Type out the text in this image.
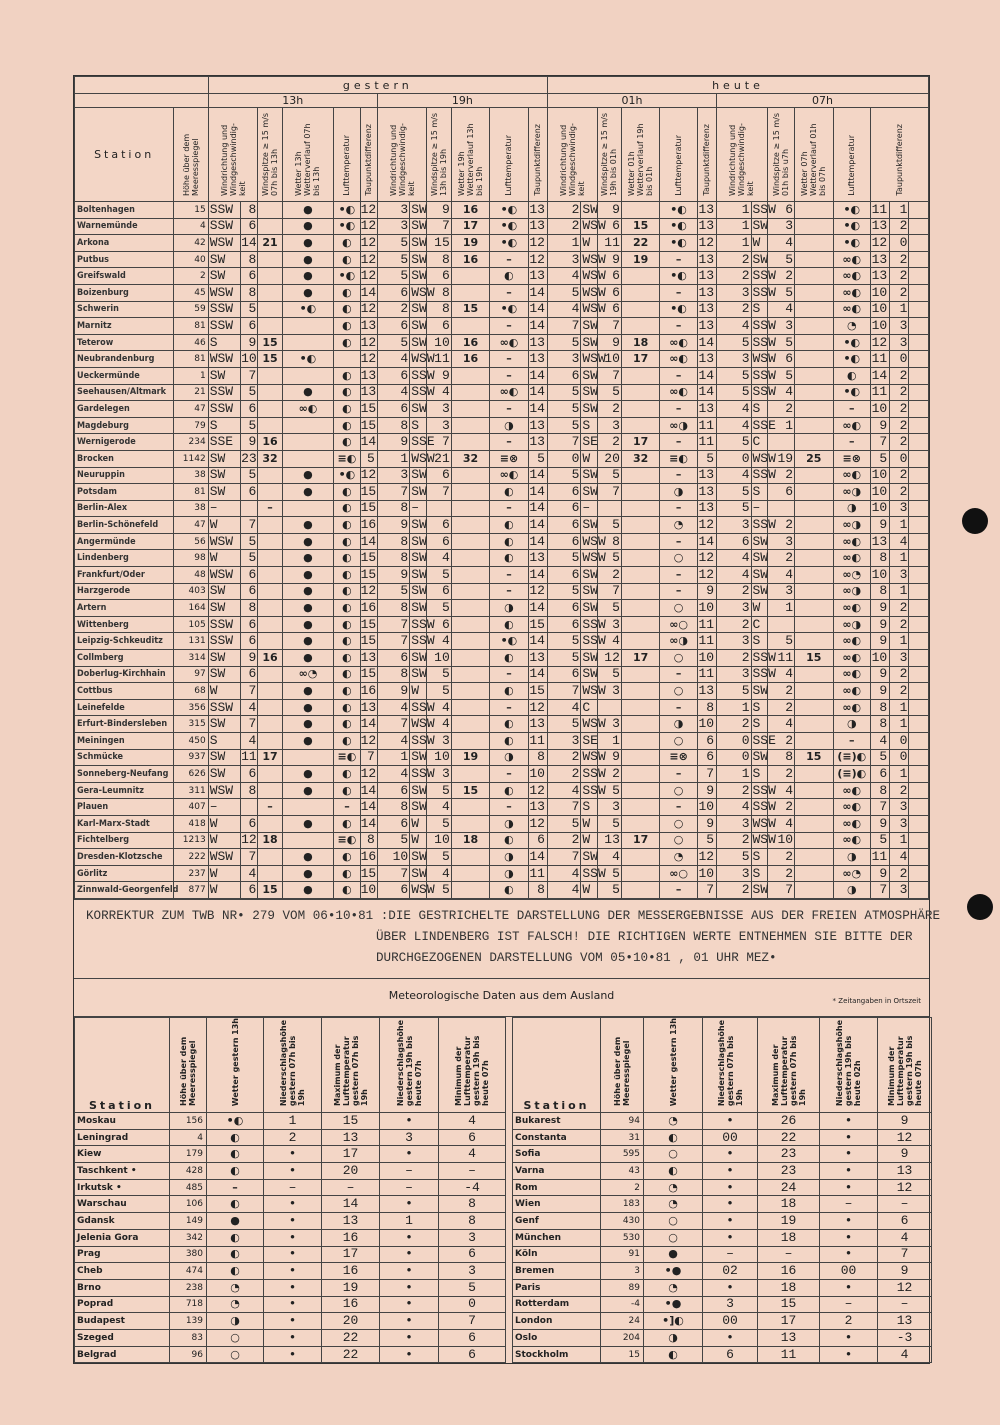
		gestern												heute													
		13h						19h						01h						07h							
Station	Höhe über dem Meeresspiegel	Windrichtung und Windgeschwindig-keit		Windspitze ≥ 15 m/s 07h bis 13h	Wetter 13h Wetterverlauf 07h bis 13h	Lufttemperatur	Taupunktdifferenz	Windrichtung und Windgeschwindig-keit		Windspitze ≥ 15 m/s 13h bis 19h	Wetter 19h Wetterverlauf 13h bis 19h	Lufttemperatur	Taupunktdifferenz	Windrichtung und Windgeschwindig-keit		Windspitze ≥ 15 m/s 19h bis 01h	Wetter 01h Wetterverlauf 19h bis 01h	Lufttemperatur	Taupunktdifferenz	Windrichtung und Windgeschwindig-keit		Windspitze ≥ 15 m/s 01h bis u7h	Wetter 07h Wetterverlauf 01h bis 07h	Lufttemperatur	Taupunktdifferenz		
Boltenhagen	15	SSW	8		●	•◐	12	3	SW	9	16	•◐	13	2	SW	9		•◐	13	1	SSW	6		•◐	11	1	
Warnemünde	4	SSW	6		●	•◐	12	3	SW	7	17	•◐	13	2	WSW	6	15	•◐	13	1	SW	3		•◐	13	2	
Arkona	42	WSW	14	21	●	◐	12	5	SW	15	19	•◐	12	1	W	11	22	•◐	12	1	W	4		•◐	12	0	
Putbus	40	SW	8		●	◐	12	5	SW	8	16	–	12	3	WSW	9	19	–	13	2	SW	5		∞◐	13	2	
Greifswald	2	SW	6		●	•◐	12	5	SW	6		◐	13	4	WSW	6		•◐	13	2	SSW	2		∞◐	13	2	
Boizenburg	45	WSW	8		●	◐	14	6	WSW	8		–	14	5	WSW	6		–	13	3	SSW	5		∞◐	10	2	
Schwerin	59	SSW	5		•◐	◐	12	2	SW	8	15	•◐	14	4	WSW	6		•◐	13	2	S	4		∞◐	10	1	
Marnitz	81	SSW	6			◐	13	6	SW	6		–	14	7	SW	7		–	13	4	SSW	3		◔	10	3	
Teterow	46	S	9	15		◐	12	5	SW	10	16	∞◐	13	5	SW	9	18	∞◐	14	5	SSW	5		•◐	12	3	
Neubrandenburg	81	WSW	10	15	•◐		12	4	WSW	11	16	–	13	3	WSW	10	17	∞◐	13	3	WSW	6		•◐	11	0	
Ueckermünde	1	SW	7			◐	13	6	SSW	9		–	14	6	SW	7		–	14	5	SSW	5		◐	14	2	
Seehausen/Altmark	21	SSW	5		●	◐	13	4	SSW	4		∞◐	14	5	SW	5		∞◐	14	5	SSW	4		•◐	11	2	
Gardelegen	47	SSW	6		∞◐	◐	15	6	SW	3		–	14	5	SW	2		–	13	4	S	2		–	10	2	
Magdeburg	79	S	5			◐	15	8	S	3		◑	13	5	S	3		∞◑	11	4	SSE	1		∞◐	9	2	
Wernigerode	234	SSE	9	16		◐	14	9	SSE	7		–	13	7	SE	2	17	–	11	5	C			–	7	2	
Brocken	1142	SW	23	32		≡◐	5	1	WSW	21	32	≡⊗	5	0	W	20	32	≡◐	5	0	WSW	19	25	≡⊗	5	0	
Neuruppin	38	SW	5		●	•◐	12	3	SW	6		∞◐	14	5	SW	5		–	13	4	SSW	2		∞◐	10	2	
Potsdam	81	SW	6		●	◐	15	7	SW	7		◐	14	6	SW	7		◑	13	5	S	6		∞◑	10	2	
Berlin-Alex	38	–		–		◐	15	8	–			–	14	6	–			–	13	5	–			◑	10	3	
Berlin-Schönefeld	47	W	7		●	◐	16	9	SW	6		◐	14	6	SW	5		◔	12	3	SSW	2		∞◑	9	1	
Angermünde	56	WSW	5		●	◐	14	8	SW	6		◐	14	6	WSW	8		–	14	6	SW	3		∞◐	13	4	
Lindenberg	98	W	5		●	◐	15	8	SW	4		◐	13	5	WSW	5		○	12	4	SW	2		∞◐	8	1	
Frankfurt/Oder	48	WSW	6		●	◐	15	9	SW	5		–	14	6	SW	2		–	12	4	SW	4		∞◔	10	3	
Harzgerode	403	SW	6		●	◐	12	5	SW	6		–	12	5	SW	7		–	9	2	SW	3		∞◑	8	1	
Artern	164	SW	8		●	◐	16	8	SW	5		◑	14	6	SW	5		○	10	3	W	1		∞◐	9	2	
Wittenberg	105	SSW	6		●	◐	15	7	SSW	6		◐	15	6	SSW	3		∞○	11	2	C			∞◑	9	2	
Leipzig-Schkeuditz	131	SSW	6		●	◐	15	7	SSW	4		•◐	14	5	SSW	4		∞◑	11	3	S	5		∞◐	9	1	
Collmberg	314	SW	9	16	●	◐	13	6	SW	10		◐	13	5	SW	12	17	○	10	2	SSW	11	15	∞◐	10	3	
Doberlug-Kirchhain	97	SW	6		∞◔	◐	15	8	SW	5		–	14	6	SW	5		–	11	3	SSW	4		∞◐	9	2	
Cottbus	68	W	7		●	◐	16	9	W	5		◐	15	7	WSW	3		○	13	5	SW	2		∞◐	9	2	
Leinefelde	356	SSW	4		●	◐	13	4	SSW	4		–	12	4	C			–	8	1	S	2		∞◐	8	1	
Erfurt-Bindersleben	315	SW	7		●	◐	14	7	WSW	4		◐	13	5	WSW	3		◑	10	2	S	4		◑	8	1	
Meiningen	450	S	4		●	◐	12	4	SSW	3		◐	11	3	SE	1		○	6	0	SSE	2		–	4	0	
Schmücke	937	SW	11	17		≡◐	7	1	SW	10	19	◑	8	2	WSW	9		≡⊗	6	0	SW	8	15	(≡)◐	5	0	
Sonneberg-Neufang	626	SW	6		●	◐	12	4	SSW	3		–	10	2	SSW	2		–	7	1	S	2		(≡)◐	6	1	
Gera-Leumnitz	311	WSW	8		●	◐	14	6	SW	5	15	◐	12	4	SSW	5		○	9	2	SSW	4		∞◐	8	2	
Plauen	407	–		–		–	14	8	SW	4		–	13	7	S	3		–	10	4	SSW	2		∞◐	7	3	
Karl-Marx-Stadt	418	W	6		●	◐	14	6	W	5		◑	12	5	W	5		○	9	3	WSW	4		∞◐	9	3	
Fichtelberg	1213	W	12	18		≡◐	8	5	W	10	18	◐	6	2	W	13	17	○	5	2	WSW	10		∞◐	5	1	
Dresden-Klotzsche	222	WSW	7		●	◐	16	10	SW	5		◑	14	7	SW	4		◔	12	5	S	2		◑	11	4	
Görlitz	237	W	4		●	◐	15	7	SW	4		◑	11	4	SSW	5		∞○	10	3	S	2		∞◔	9	2	
Zinnwald-Georgenfeld	877	W	6	15	●	◐	10	6	WSW	5		◐	8	4	W	5		–	7	2	SW	7		◑	7	3	
KORREKTUR ZUM TWB NR• 279 VOM 06•10•81 :DIE GESTRICHELTE DARSTELLUNG DER MESSERGEBNISSE AUS DER FREIEN ATMOSPHÄRE
ÜBER LINDENBERG IST FALSCH! DIE RICHTIGEN WERTE ENTNEHMEN SIE BITTE DER
DURCHGEZOGENEN DARSTELLUNG VOM 05•10•81 , 01 UHR MEZ•
Meteorologische Daten aus dem Ausland	* Zeitangaben in Ortszeit
Station	Höhe über dem Meeresspiegel	Wetter gestern 13h	Niederschlagshöhe gestern 07h bis 19h	Maximum der Lufttemperatur gestern 07h bis 19h	Niederschlagshöhe gestern 19h bis heute 07h	Minimum der Lufttemperatur gestern 19h bis heute 07h		Station	Höhe über dem Meeresspiegel	Wetter gestern 13h	Niederschlagshöhe gestern 07h bis 19h	Maximum der Lufttemperatur gestern 07h bis 19h	Niederschlagshöhe gestern 19h bis heute 02h	Minimum der Lufttemperatur gestern 19h bis heute 07h
Moskau	156	•◐	1	15	•	4		Bukarest	94	◔	•	26	•	9
Leningrad	4	◐	2	13	3	6		Constanta	31	◐	00	22	•	12
Kiew	179	◐	•	17	•	4		Sofia	595	○	•	23	•	9
Taschkent •	428	◐	•	20	–	–		Varna	43	◐	•	23	•	13
Irkutsk •	485	–	–	–	–	-4		Rom	2	◔	•	24	•	12
Warschau	106	◐	•	14	•	8		Wien	183	◔	•	18	–	–
Gdansk	149	●	•	13	1	8		Genf	430	○	•	19	•	6
Jelenia Gora	342	◐	•	16	•	3		München	530	○	•	18	•	4
Prag	380	◐	•	17	•	6		Köln	91	●	–	–	•	7
Cheb	474	◐	•	16	•	3		Bremen	3	•●	02	16	00	9
Brno	238	◔	•	19	•	5		Paris	89	◔	•	18	•	12
Poprad	718	◔	•	16	•	0		Rotterdam	-4	•●	3	15	–	–
Budapest	139	◑	•	20	•	7		London	24	•]◐	00	17	2	13
Szeged	83	○	•	22	•	6		Oslo	204	◑	•	13	•	-3
Belgrad	96	○	•	22	•	6		Stockholm	15	◐	6	11	•	4
